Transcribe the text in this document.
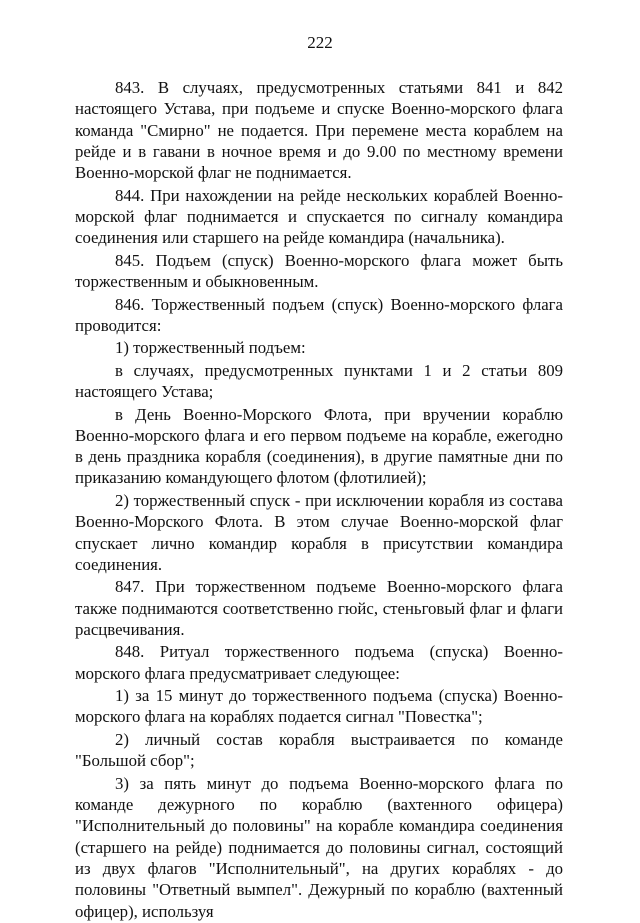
222

843. В случаях, предусмотренных статьями 841 и 842 настоящего Устава, при подъеме и спуске Военно-морского флага команда "Смирно" не подается. При перемене места кораблем на рейде и в гавани в ночное время и до 9.00 по местному времени Военно-морской флаг не поднимается.

844. При нахождении на рейде нескольких кораблей Военно-морской флаг поднимается и спускается по сигналу командира соединения или старшего на рейде командира (начальника).

845. Подъем (спуск) Военно-морского флага может быть торжественным и обыкновенным.

846. Торжественный подъем (спуск) Военно-морского флага проводится:

1) торжественный подъем:

в случаях, предусмотренных пунктами 1 и 2 статьи 809 настоящего Устава;

в День Военно-Морского Флота, при вручении кораблю Военно-морского флага и его первом подъеме на корабле, ежегодно в день праздника корабля (соединения), в другие памятные дни по приказанию командующего флотом (флотилией);

2) торжественный спуск - при исключении корабля из состава Военно-Морского Флота. В этом случае Военно-морской флаг спускает лично командир корабля в присутствии командира соединения.

847. При торжественном подъеме Военно-морского флага также поднимаются соответственно гюйс, стеньговый флаг и флаги расцвечивания.

848. Ритуал торжественного подъема (спуска) Военно-морского флага предусматривает следующее:

1) за 15 минут до торжественного подъема (спуска) Военно-морского флага на кораблях подается сигнал "Повестка";

2) личный состав корабля выстраивается по команде "Большой сбор";

3) за пять минут до подъема Военно-морского флага по команде дежурного по кораблю (вахтенного офицера) "Исполнительный до половины" на корабле командира соединения (старшего на рейде) поднимается до половины сигнал, состоящий из двух флагов "Исполнительный", на других кораблях - до половины "Ответный вымпел". Дежурный по кораблю (вахтенный офицер), используя
